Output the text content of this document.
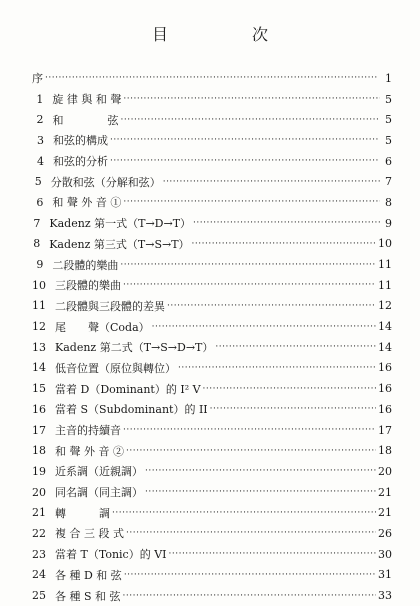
目　次
序 ·····	1
1 旋 律 與 和 聲 ·····	5
2 和　　　　弦 ·····	5
3 和弦的構成 ·····	5
4 和弦的分析 ·····	6
5 分散和弦（分解和弦） ·····	7
6 和 聲 外 音 ① ·····	8
7 Kadenz 第一式（T→D→T） ·····	9
8 Kadenz 第三式（T→S→T） ·····	10
9 二段體的樂曲 ·····	11
10 三段體的樂曲 ·····	11
11 二段體與三段體的差異 ·····	12
12 尾　　聲（Coda） ·····	14
13 Kadenz 第二式（T→S→D→T） ·····	14
14 低音位置（原位與轉位） ·····	16
15 當着 D（Dominant）的 I² V ·····	16
16 當着 S（Subdominant）的 II ·····	16
17 主音的持續音 ·····	17
18 和 聲 外 音 ② ·····	18
19 近系調（近親調） ·····	20
20 同名調（同主調） ·····	21
21 轉　　　調 ·····	21
22 複 合 三 段 式 ·····	26
23 當着 T（Tonic）的 VI ·····	30
24 各 種 D 和 弦 ·····	31
25 各 種 S 和 弦 ·····	33
